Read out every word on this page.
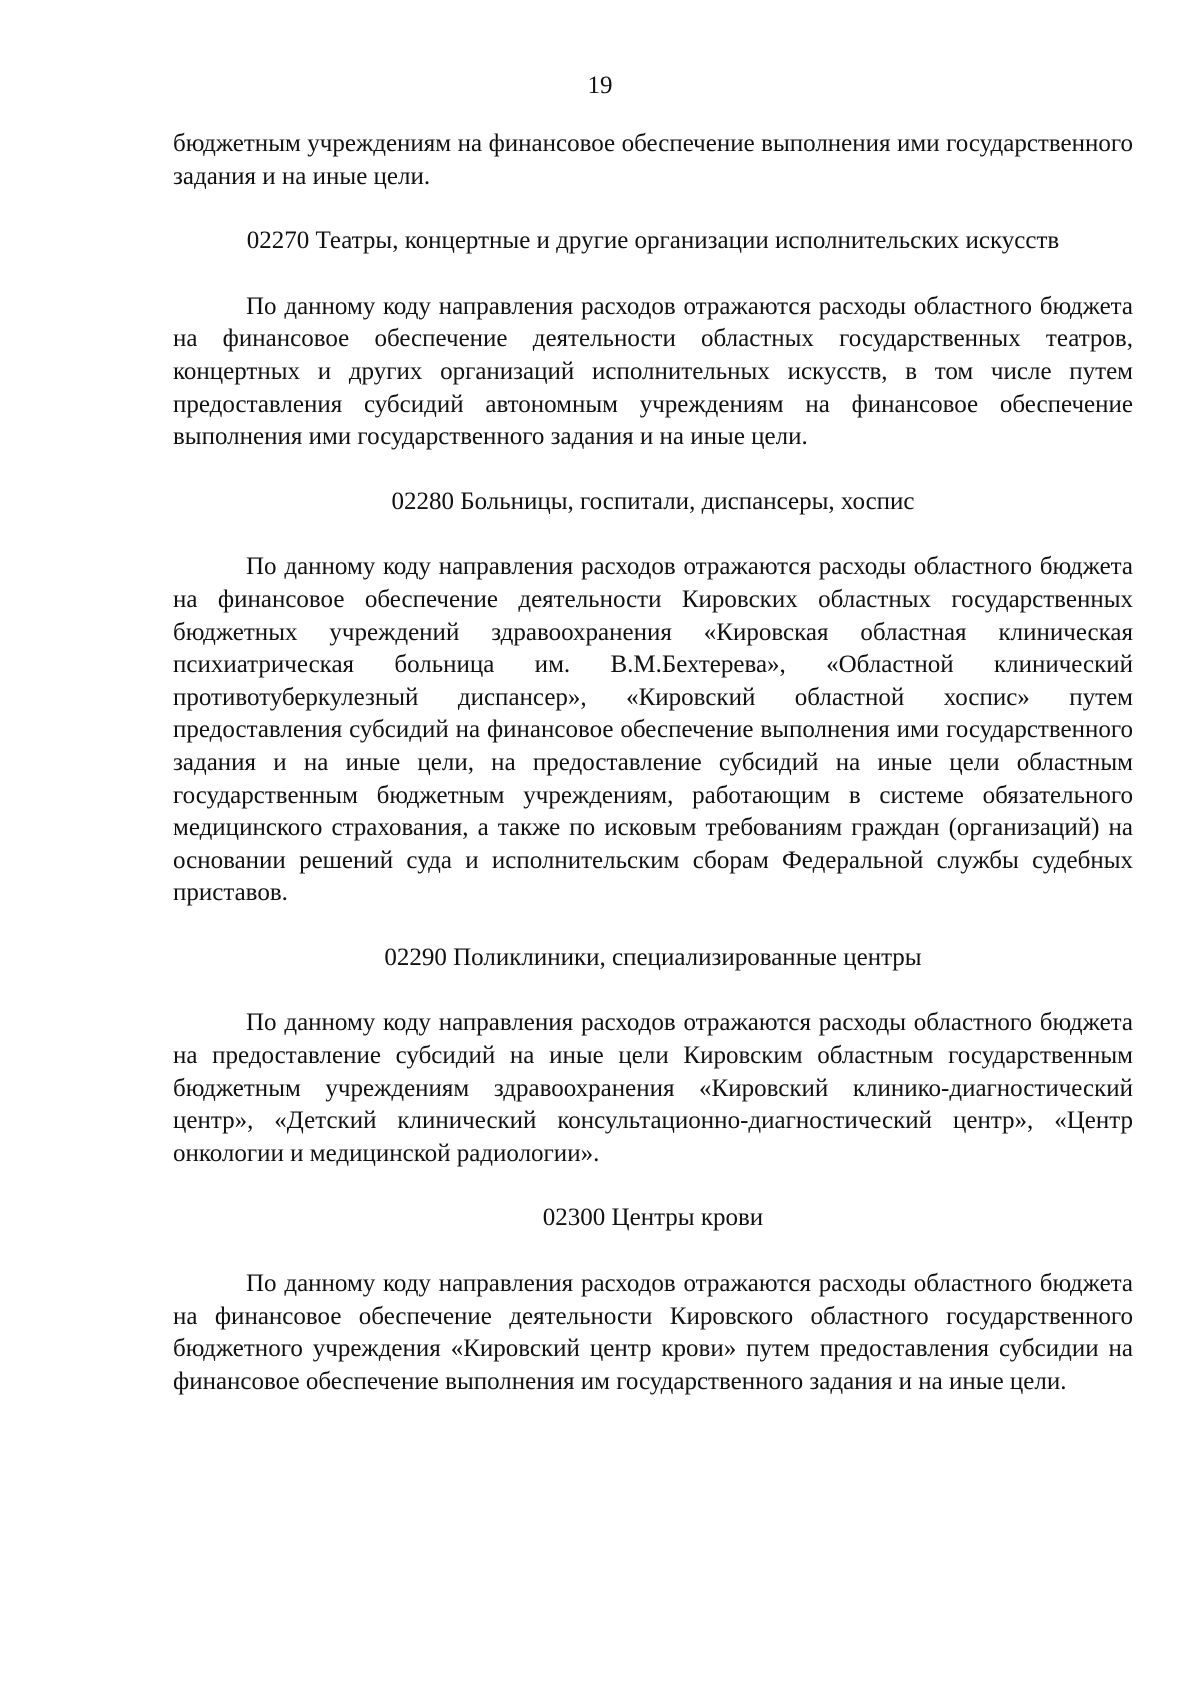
19

бюджетным учреждениям на финансовое обеспечение выполнения ими государственного задания и на иные цели.

02270 Театры, концертные и другие организации исполнительских искусств

По данному коду направления расходов отражаются расходы областного бюджета на финансовое обеспечение деятельности областных государственных театров, концертных и других организаций исполнительных искусств, в том числе путем предоставления субсидий автономным учреждениям на финансовое обеспечение выполнения ими государственного задания и на иные цели.

02280 Больницы, госпитали, диспансеры, хоспис

По данному коду направления расходов отражаются расходы областного бюджета на финансовое обеспечение деятельности Кировских областных государственных бюджетных учреждений здравоохранения «Кировская областная клиническая психиатрическая больница им. В.М.Бехтерева», «Областной клинический противотуберкулезный диспансер», «Кировский областной хоспис» путем предоставления субсидий на финансовое обеспечение выполнения ими государственного задания и на иные цели, на предоставление субсидий на иные цели областным государственным бюджетным учреждениям, работающим в системе обязательного медицинского страхования, а также по исковым требованиям граждан (организаций) на основании решений суда и исполнительским сборам Федеральной службы судебных приставов.

02290 Поликлиники, специализированные центры

По данному коду направления расходов отражаются расходы областного бюджета на предоставление субсидий на иные цели Кировским областным государственным бюджетным учреждениям здравоохранения «Кировский клинико-диагностический центр», «Детский клинический консультационно-диагностический центр», «Центр онкологии и медицинской радиологии».

02300 Центры крови

По данному коду направления расходов отражаются расходы областного бюджета на финансовое обеспечение деятельности Кировского областного государственного бюджетного учреждения «Кировский центр крови» путем предоставления субсидии на финансовое обеспечение выполнения им государственного задания и на иные цели.
